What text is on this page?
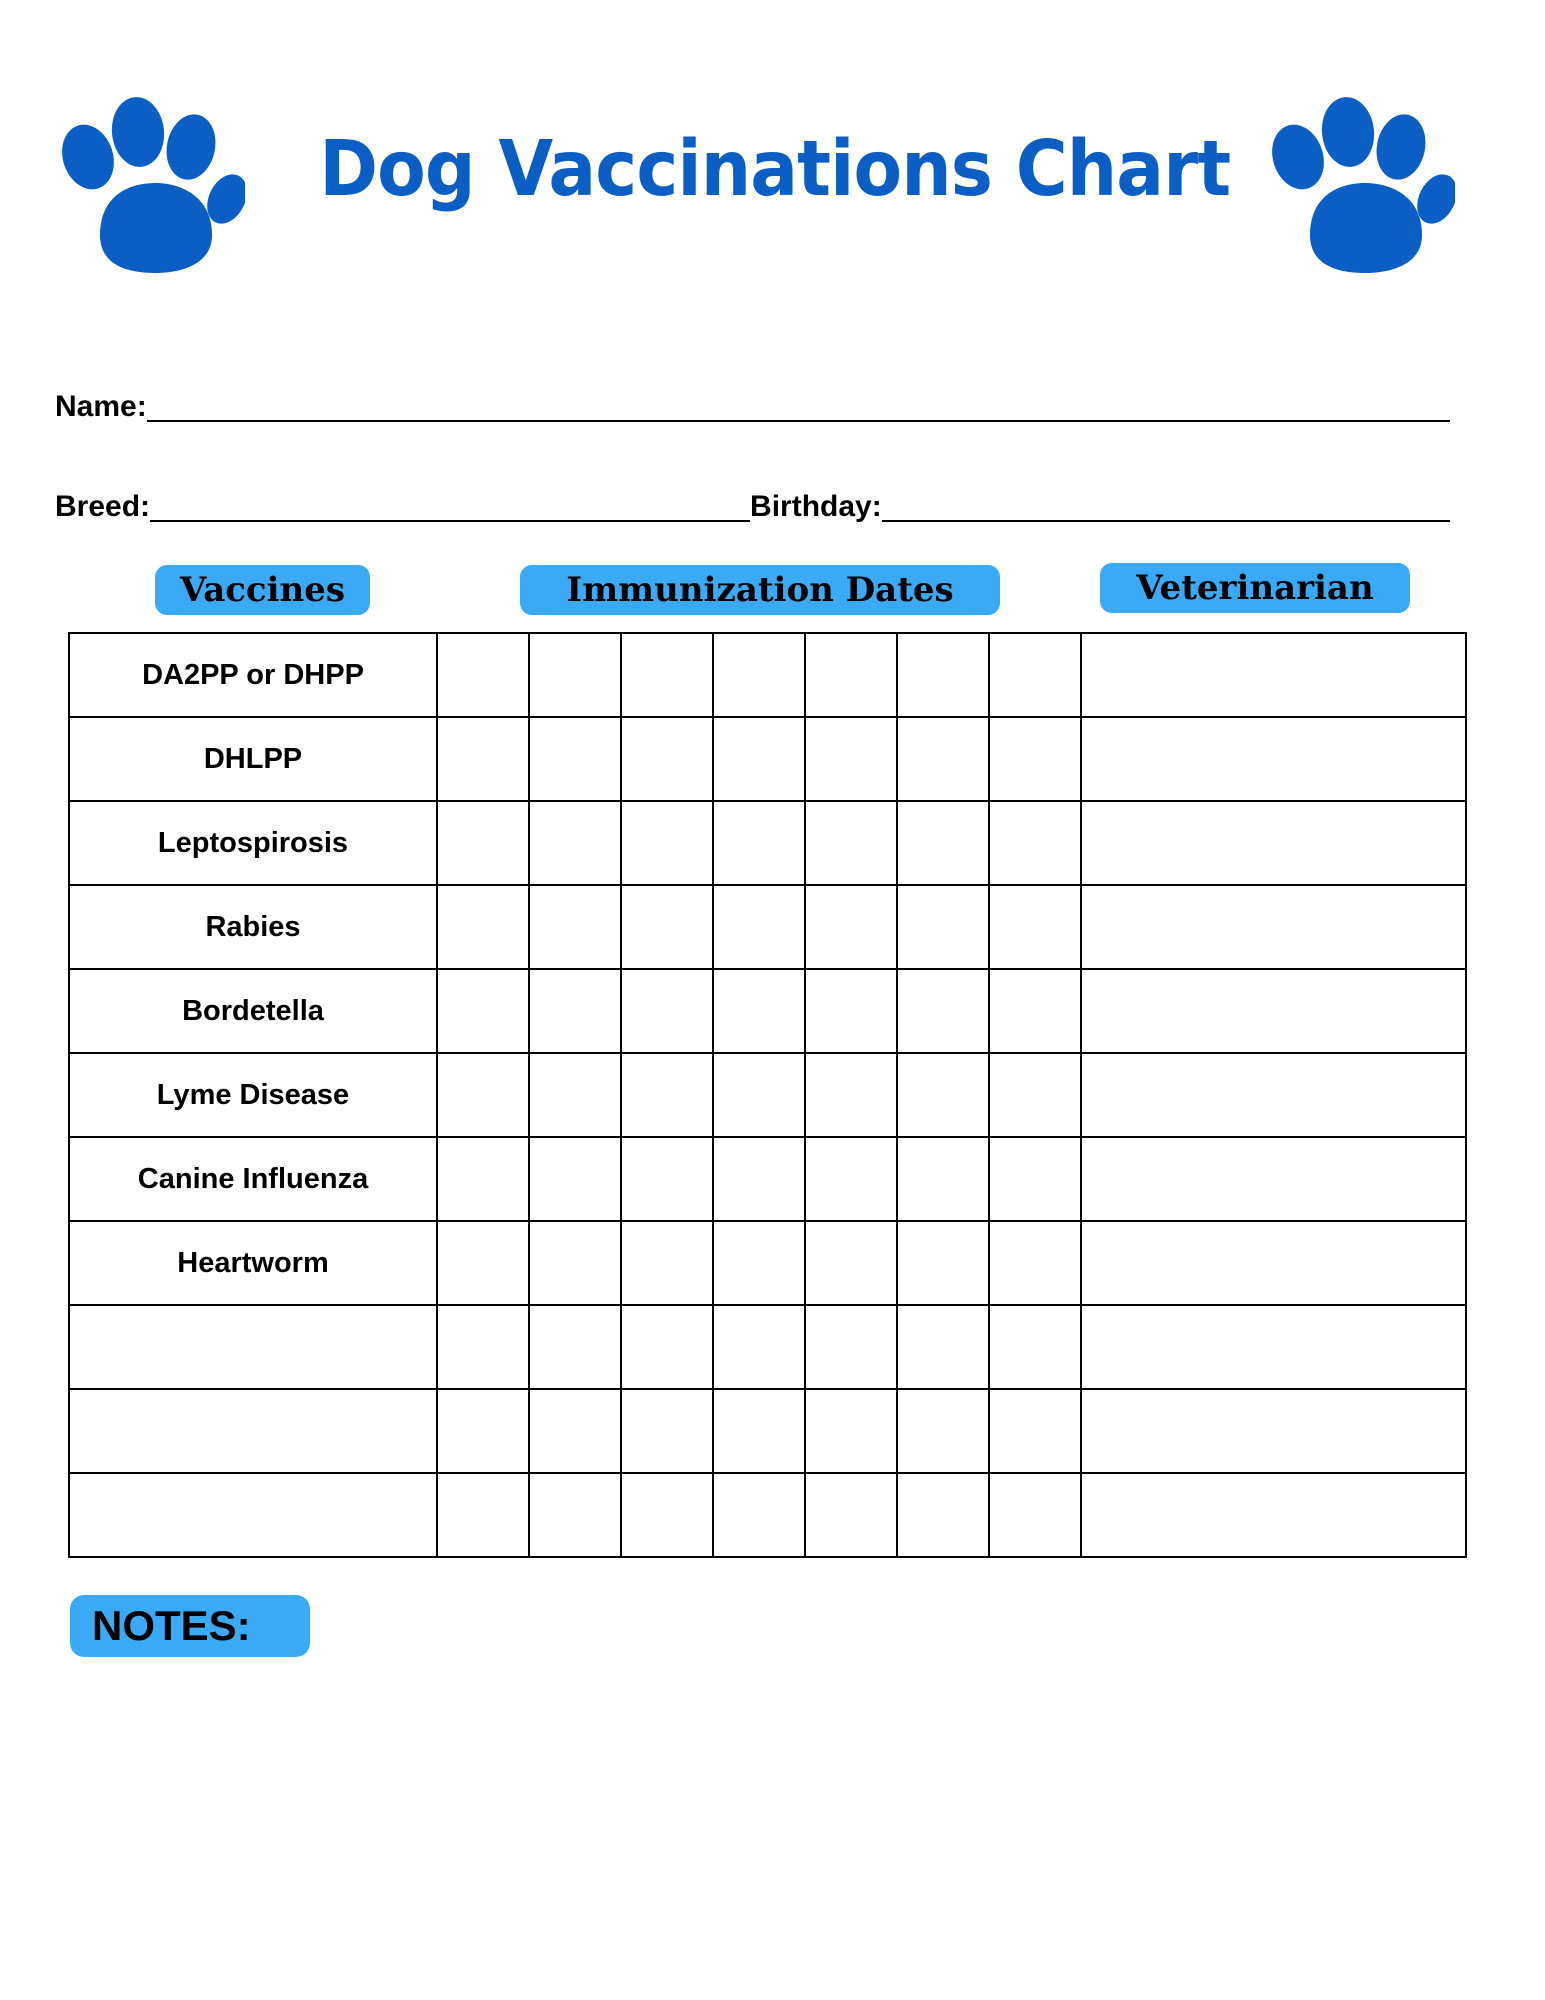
Dog Vaccinations Chart
Name:
Breed:	Birthday:
Vaccines	Immunization Dates	Veterinarian
DA2PP or DHPP								
DHLPP								
Leptospirosis								
Rabies								
Bordetella								
Lyme Disease								
Canine Influenza								
Heartworm								

NOTES:
